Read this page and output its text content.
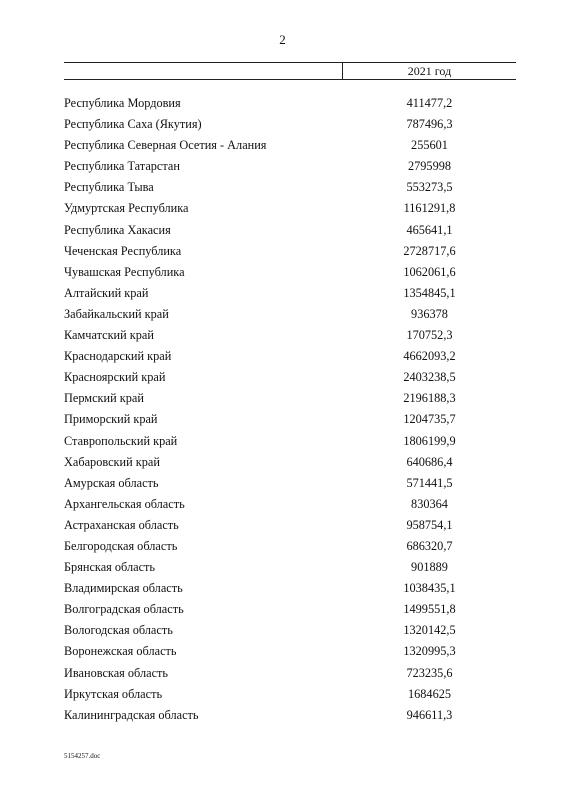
2
2021 год
Республика Мордовия	411477,2
Республика Саха (Якутия)	787496,3
Республика Северная Осетия - Алания	255601
Республика Татарстан	2795998
Республика Тыва	553273,5
Удмуртская Республика	1161291,8
Республика Хакасия	465641,1
Чеченская Республика	2728717,6
Чувашская Республика	1062061,6
Алтайский край	1354845,1
Забайкальский край	936378
Камчатский край	170752,3
Краснодарский край	4662093,2
Красноярский край	2403238,5
Пермский край	2196188,3
Приморский край	1204735,7
Ставропольский край	1806199,9
Хабаровский край	640686,4
Амурская область	571441,5
Архангельская область	830364
Астраханская область	958754,1
Белгородская область	686320,7
Брянская область	901889
Владимирская область	1038435,1
Волгоградская область	1499551,8
Вологодская область	1320142,5
Воронежская область	1320995,3
Ивановская область	723235,6
Иркутская область	1684625
Калининградская область	946611,3
5154257.doc
